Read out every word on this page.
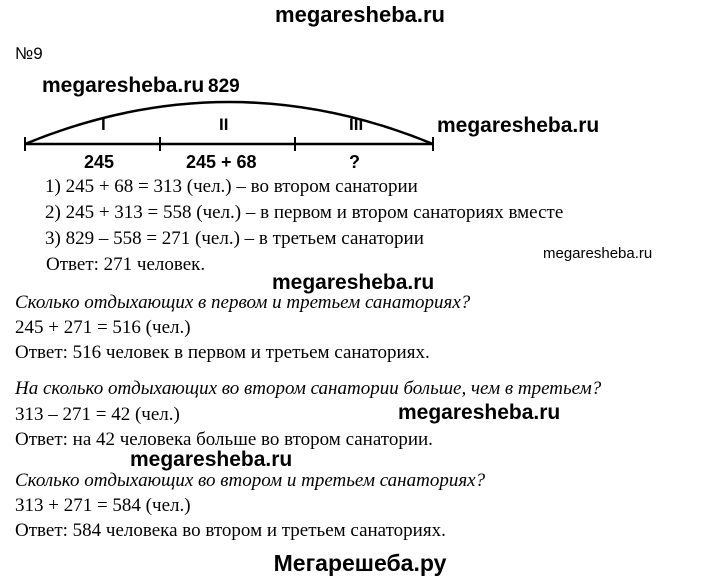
megaresheba.ru
№9
829
I	II	III
245	245 + 68	?
megaresheba.ru
megaresheba.ru
1) 245 + 68 = 313 (чел.) – во втором санатории
2) 245 + 313 = 558 (чел.) – в первом и втором санаториях вместе
3) 829 – 558 = 271 (чел.) – в третьем санатории
Ответ: 271 человек.
megaresheba.ru
megaresheba.ru
Сколько отдыхающих в первом и третьем санаториях?
245 + 271 = 516 (чел.)
Ответ: 516 человек в первом и третьем санаториях.
На сколько отдыхающих во втором санатории больше, чем в третьем?
313 – 271 = 42 (чел.)
Ответ: на 42 человека больше во втором санатории.
megaresheba.ru
megaresheba.ru
Сколько отдыхающих во втором и третьем санаториях?
313 + 271 = 584 (чел.)
Ответ: 584 человека во втором и третьем санаториях.
Мегарешеба.ру
